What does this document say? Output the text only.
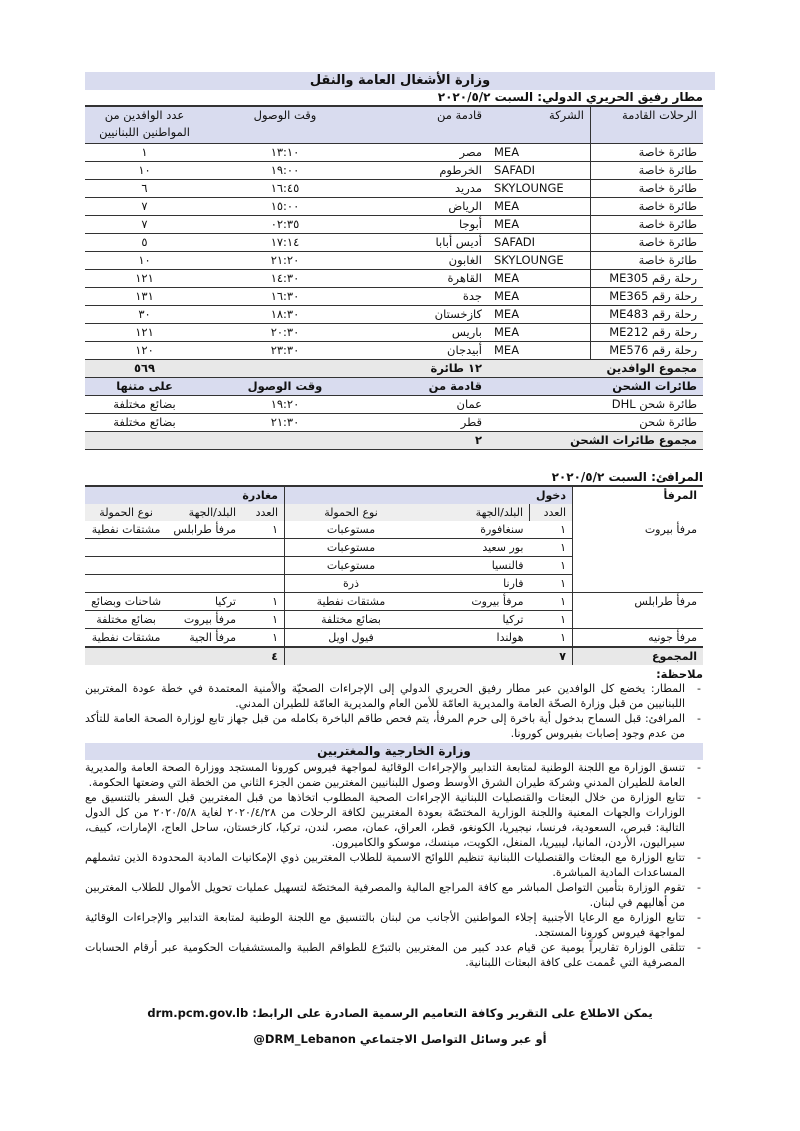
وزارة الأشغال العامة والنقل
مطار رفيق الحريري الدولي: السبت ٢٠٢٠/٥/٢
الرحلات القادمة	الشركة	قادمة من	وقت الوصول	عدد الوافدين من المواطنين اللبنانيين
طائرة خاصة	MEA	مصر	١٣:١٠	١
طائرة خاصة	SAFADI	الخرطوم	١٩:٠٠	١٠
طائرة خاصة	SKYLOUNGE	مدريد	١٦:٤٥	٦
طائرة خاصة	MEA	الرياض	١٥:٠٠	٧
طائرة خاصة	MEA	أبوجا	٠٢:٣٥	٧
طائرة خاصة	SAFADI	أديس أبابا	١٧:١٤	٥
طائرة خاصة	SKYLOUNGE	الغابون	٢١:٢٠	١٠
رحلة رقم ME305	MEA	القاهرة	١٤:٣٠	١٢١
رحلة رقم ME365	MEA	جدة	١٦:٣٠	١٣١
رحلة رقم ME483	MEA	كازخستان	١٨:٣٠	٣٠
رحلة رقم ME212	MEA	باريس	٢٠:٣٠	١٢١
رحلة رقم ME576	MEA	أبيدجان	٢٣:٣٠	١٢٠
مجموع الوافدين		١٢ طائرة		٥٦٩
طائرات الشحن		قادمة من	وقت الوصول	على متنها
طائرة شحن DHL		عمان	١٩:٢٠	بضائع مختلفة
طائرة شحن		قطر	٢١:٣٠	بضائع مختلفة
مجموع طائرات الشحن		٢		
المرافئ: السبت ٢٠٢٠/٥/٢
المرفأ	دخول			مغادرة		
	العدد	البلد/الجهة	نوع الحمولة	العدد	البلد/الجهة	نوع الحمولة
مرفأ بيروت	١	سنغافورة	مستوعبات	١	مرفأ طرابلس	مشتقات نفطية
	١	بور سعيد	مستوعبات			
	١	فالنسيا	مستوعبات			
	١	فارنا	ذرة			
مرفأ طرابلس	١	مرفأ بيروت	مشتقات نفطية	١	تركيا	شاحنات وبضائع
	١	تركيا	بضائع مختلفة	١	مرفأ بيروت	بضائع مختلفة
مرفأ جونيه	١	هولندا	فيول اويل	١	مرفأ الجية	مشتقات نفطية
المجموع	٧			٤		
ملاحظة:
- المطار: يخضع كل الوافدين عبر مطار رفيق الحريري الدولي إلى الإجراءات الصحيّة والأمنية المعتمدة في خطة عودة المغتربين اللبنانيين من قبل وزارة الصحّة العامة والمديرية العامّة للأمن العام والمديرية العامّة للطيران المدني.
- المرافئ: قبل السماح بدخول أية باخرة إلى حرم المرفأ، يتم فحص طاقم الباخرة بكامله من قبل جهاز تابع لوزارة الصحة العامة للتأكد من عدم وجود إصابات بفيروس كورونا.
وزارة الخارجية والمغتربين
- تنسق الوزارة مع اللجنة الوطنية لمتابعة التدابير والإجراءات الوقائية لمواجهة فيروس كورونا المستجد ووزارة الصحة العامة والمديرية العامة للطيران المدني وشركة طيران الشرق الأوسط وصول اللبنانيين المغتربين ضمن الجزء الثاني من الخطة التي وضعتها الحكومة.
- تتابع الوزارة من خلال البعثات والقنصليات اللبنانية الإجراءات الصحية المطلوب اتخاذها من قبل المغتربين قبل السفر بالتنسيق مع الوزارات والجهات المعنية واللجنة الوزارية المختصّة بعودة المغتربين لكافة الرحلات من ٢٠٢٠/٤/٢٨ لغاية ٢٠٢٠/٥/٨ من كل الدول التالية: قبرص، السعودية، فرنسا، نيجيريا، الكونغو، قطر، العراق، عمان، مصر، لندن، تركيا، كازخستان، ساحل العاج، الإمارات، كييف، سيراليون، الأردن، المانيا، ليبيريا، المنغل، الكويت، مينسك، موسكو والكاميرون.
- تتابع الوزارة مع البعثات والقنصليات اللبنانية تنظيم اللوائح الاسمية للطلاب المغتربين ذوي الإمكانيات المادية المحدودة الذين تشملهم المساعدات المادية المباشرة.
- تقوم الوزارة بتأمين التواصل المباشر مع كافة المراجع المالية والمصرفية المختصّة لتسهيل عمليات تحويل الأموال للطلاب المغتربين من أهاليهم في لبنان.
- تتابع الوزارة مع الرعايا الأجنبية إجلاء المواطنين الأجانب من لبنان بالتنسيق مع اللجنة الوطنية لمتابعة التدابير والإجراءات الوقائية لمواجهة فيروس كورونا المستجد.
- تتلقى الوزارة تقاريراً يومية عن قيام عدد كبير من المغتربين بالتبرّع للطواقم الطبية والمستشفيات الحكومية عبر أرقام الحسابات المصرفية التي عُممت على كافة البعثات اللبنانية.
يمكن الاطلاع على التقرير وكافة التعاميم الرسمية الصادرة على الرابط: drm.pcm.gov.lb
أو عبر وسائل التواصل الاجتماعي DRM_Lebanon@
